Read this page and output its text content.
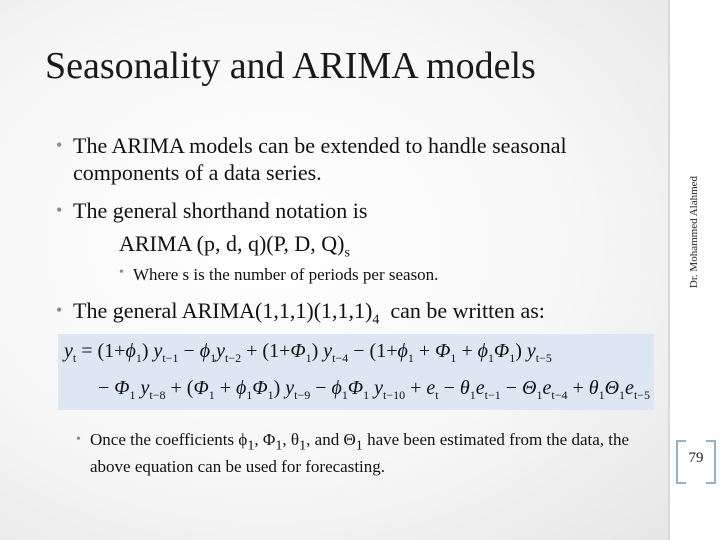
Seasonality and ARIMA models
• The ARIMA models can be extended to handle seasonal
components of a data series.
• The general shorthand notation is
ARIMA (p, d, q)(P, D, $Q)_s$
• Where s is the number of periods per season.
• The general $ARIMA(1,1,1)(1,1,1)_4$  can be written as:
$y_t = (1+\phi_1) y_{t-1} - \phi_1y_{t-2} + (1+\Phi_1) y_{t-4} - (1+\phi_1 + \Phi_1 + \phi_1\Phi_1)$ $y_{t-5}$
− $\Phi_1$ $y_{t-8} + (\Phi_1 + \phi_1\Phi_1) y_{t-9} - \phi_1\Phi_1$ $y_{t-10} + e_t - \theta_1e_{t-1} - \Theta_1e_{t-4} + \theta_1\Theta_1e_{t-5}$
• Once the coefficients $\phi_1$, $\Phi_1$, $\theta_1$, and $\Theta_1$ have been estimated from the data, the above equation can be used for forecasting.
Dr. Mohammed Alahmed
79
